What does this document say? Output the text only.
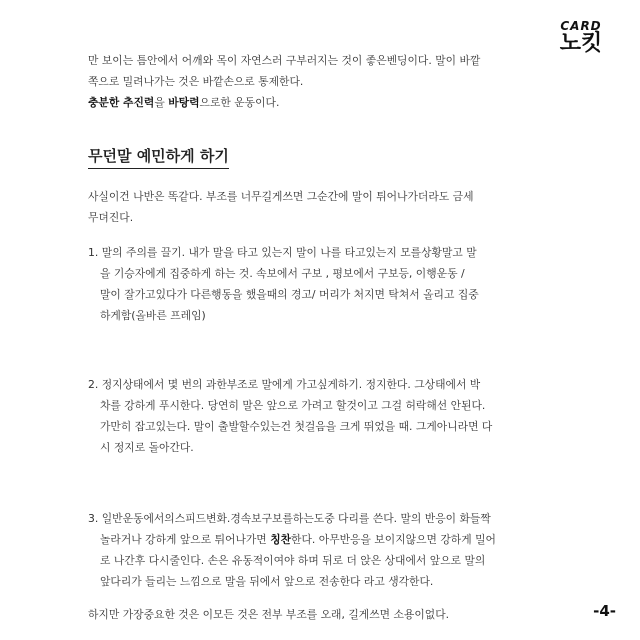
CARD
노킷
만 보이는 틈안에서 어깨와 목이 자연스러 구부러지는 것이 좋은벤딩이다. 말이 바깥
쪽으로 밀려나가는 것은 바깥손으로 통제한다.
충분한 추진력을 바탕력으로한 운동이다.
무던말 예민하게 하기
사실이건 나반은 똑같다. 부조를 너무길게쓰면 그순간에 말이 튀어나가더라도 금세
무뎌진다.
1. 말의 주의를 끌기. 내가 말을 타고 있는지 말이 나를 타고있는지 모를상황말고 말
을 기승자에게 집중하게 하는 것. 속보에서 구보 , 평보에서 구보등, 이행운동 /
말이 잘가고있다가 다른행동을 했을때의 경고/ 머리가 처지면 탁쳐서 올리고 집중
하게함(올바른 프레임)
2. 정지상태에서 몇 번의 과한부조로 말에게 가고싶게하기. 정지한다. 그상태에서 박
차를 강하게 푸시한다. 당연히 말은 앞으로 가려고 할것이고 그걸 허락해선 안된다.
가만히 잡고있는다. 말이 출발할수있는건 첫걸음을 크게 뛰었을 때. 그게아니라면 다
시 정지로 돌아간다.
3. 일반운동에서의스피드변화.경속보구보를하는도중 다리를 쓴다. 말의 반응이 화들짝
놀라거나 강하게 앞으로 튀어나가면 칭찬한다. 아무반응을 보이지않으면 강하게 밀어
로 나간후 다시줄인다. 손은 유동적이여야 하며 뒤로 더 앉은 상대에서 앞으로 말의
앞다리가 들리는 느낌으로 말을 뒤에서 앞으로 전송한다 라고 생각한다.
하지만 가장중요한 것은 이모든 것은 전부 부조를 오래, 길게쓰면 소용이없다.	-4-
